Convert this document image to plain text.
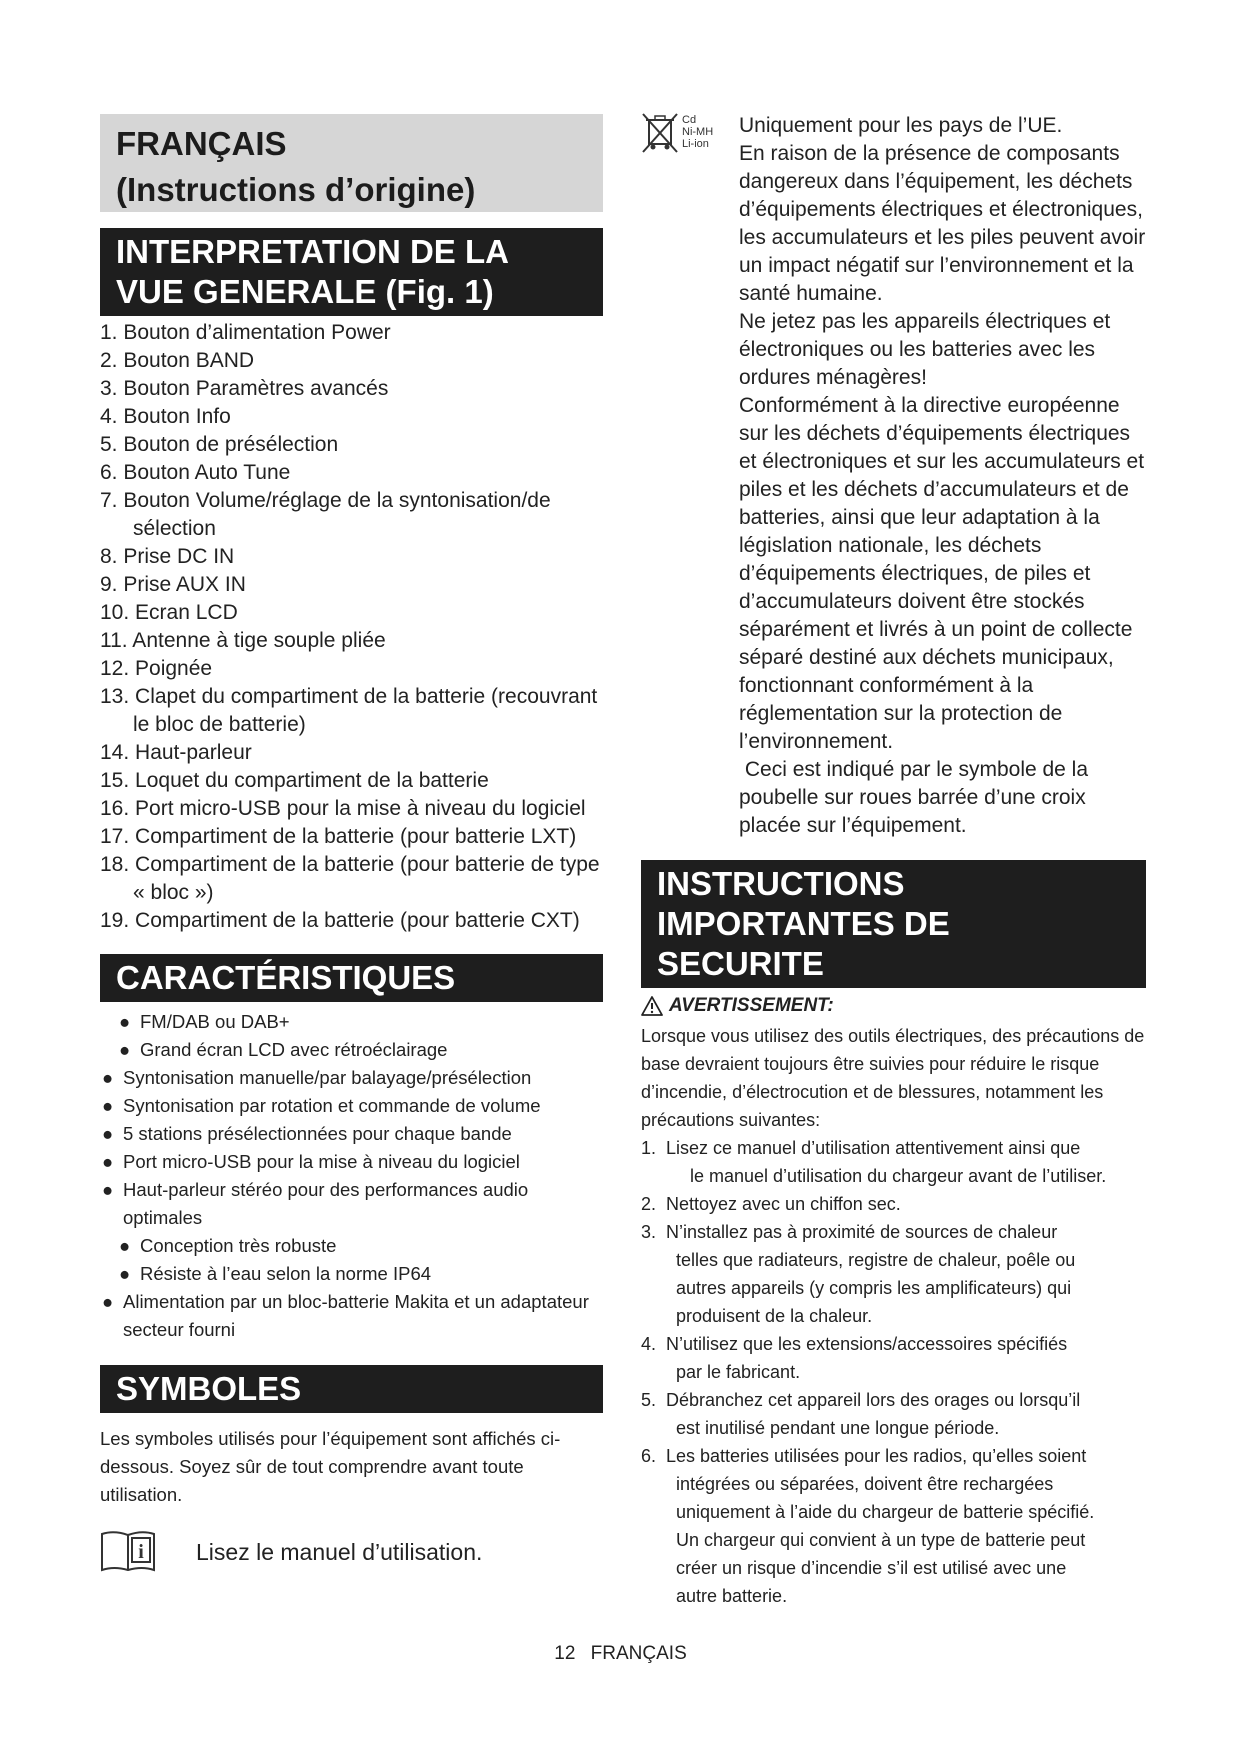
FRANÇAIS
(Instructions d’origine)
INTERPRETATION DE LA
VUE GENERALE (Fig. 1)
1. Bouton d’alimentation Power
2. Bouton BAND
3. Bouton Paramètres avancés
4. Bouton Info
5. Bouton de présélection
6. Bouton Auto Tune
7. Bouton Volume/réglage de la syntonisation/de sélection
8. Prise DC IN
9. Prise AUX IN
10. Ecran LCD
11. Antenne à tige souple pliée
12. Poignée
13. Clapet du compartiment de la batterie (recouvrant le bloc de batterie)
14. Haut-parleur
15. Loquet du compartiment de la batterie
16. Port micro-USB pour la mise à niveau du logiciel
17. Compartiment de la batterie (pour batterie LXT)
18. Compartiment de la batterie (pour batterie de type « bloc »)
19. Compartiment de la batterie (pour batterie CXT)
CARACTÉRISTIQUES
● FM/DAB ou DAB+
● Grand écran LCD avec rétroéclairage
● Syntonisation manuelle/par balayage/présélection
● Syntonisation par rotation et commande de volume
● 5 stations présélectionnées pour chaque bande
● Port micro-USB pour la mise à niveau du logiciel
● Haut-parleur stéréo pour des performances audio optimales
● Conception très robuste
● Résiste à l’eau selon la norme IP64
● Alimentation par un bloc-batterie Makita et un adaptateur secteur fourni
SYMBOLES
Les symboles utilisés pour l’équipement sont affichés ci-dessous. Soyez sûr de tout comprendre avant toute utilisation.
i Lisez le manuel d’utilisation.
Cd
Ni-MH
Li-ion

Uniquement pour les pays de l’UE.

En raison de la présence de composants dangereux dans l’équipement, les déchets d’équipements électriques et électroniques, les accumulateurs et les piles peuvent avoir un impact négatif sur l’environnement et la santé humaine.

Ne jetez pas les appareils électriques et électroniques ou les batteries avec les ordures ménagères!

Conformément à la directive européenne sur les déchets d’équipements électriques et électroniques et sur les accumulateurs et piles et les déchets d’accumulateurs et de batteries, ainsi que leur adaptation à la législation nationale, les déchets d’équipements électriques, de piles et d’accumulateurs doivent être stockés séparément et livrés à un point de collecte séparé destiné aux déchets municipaux, fonctionnant conformément à la réglementation sur la protection de l’environnement.

Ceci est indiqué par le symbole de la poubelle sur roues barrée d’une croix placée sur l’équipement.

INSTRUCTIONS
IMPORTANTES DE
SECURITE
AVERTISSEMENT:
Lorsque vous utilisez des outils électriques, des précautions de base devraient toujours être suivies pour réduire le risque d’incendie, d’électrocution et de blessures, notamment les précautions suivantes:
1. Lisez ce manuel d’utilisation attentivement ainsi que
le manuel d’utilisation du chargeur avant de l’utiliser.
2. Nettoyez avec un chiffon sec.
3. N’installez pas à proximité de sources de chaleur
telles que radiateurs, registre de chaleur, poêle ou
autres appareils (y compris les amplificateurs) qui
produisent de la chaleur.
4. N’utilisez que les extensions/accessoires spécifiés
par le fabricant.
5. Débranchez cet appareil lors des orages ou lorsqu’il
est inutilisé pendant une longue période.
6. Les batteries utilisées pour les radios, qu’elles soient
intégrées ou séparées, doivent être rechargées
uniquement à l’aide du chargeur de batterie spécifié.
Un chargeur qui convient à un type de batterie peut
créer un risque d’incendie s’il est utilisé avec une
autre batterie.
12 FRANÇAIS
